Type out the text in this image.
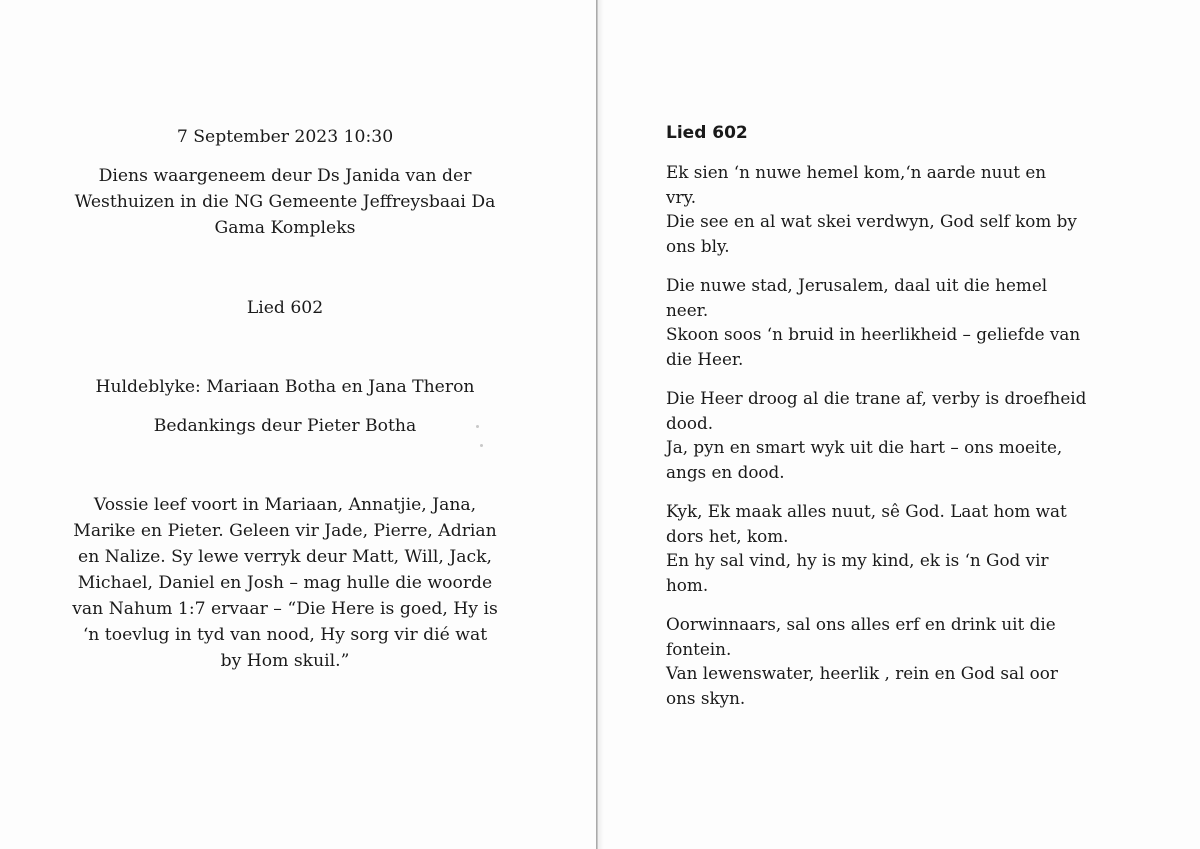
7 September 2023 10:30
Diens waargeneem deur Ds Janida van der
Westhuizen in die NG Gemeente Jeffreysbaai Da
Gama Kompleks
Lied 602
Huldeblyke: Mariaan Botha en Jana Theron
Bedankings deur Pieter Botha
Vossie leef voort in Mariaan, Annatjie, Jana,
Marike en Pieter. Geleen vir Jade, Pierre, Adrian
en Nalize. Sy lewe verryk deur Matt, Will, Jack,
Michael, Daniel en Josh – mag hulle die woorde
van Nahum 1:7 ervaar – “Die Here is goed, Hy is
‘n toevlug in tyd van nood, Hy sorg vir dié wat
by Hom skuil.”
Lied 602
Ek sien ‘n nuwe hemel kom,‘n aarde nuut en
vry.
Die see en al wat skei verdwyn, God self kom by
ons bly.
Die nuwe stad, Jerusalem, daal uit die hemel
neer.
Skoon soos ‘n bruid in heerlikheid – geliefde van
die Heer.
Die Heer droog al die trane af, verby is droefheid
dood.
Ja, pyn en smart wyk uit die hart – ons moeite,
angs en dood.
Kyk, Ek maak alles nuut, sê God. Laat hom wat
dors het, kom.
En hy sal vind, hy is my kind, ek is ‘n God vir
hom.
Oorwinnaars, sal ons alles erf en drink uit die
fontein.
Van lewenswater, heerlik , rein en God sal oor
ons skyn.
